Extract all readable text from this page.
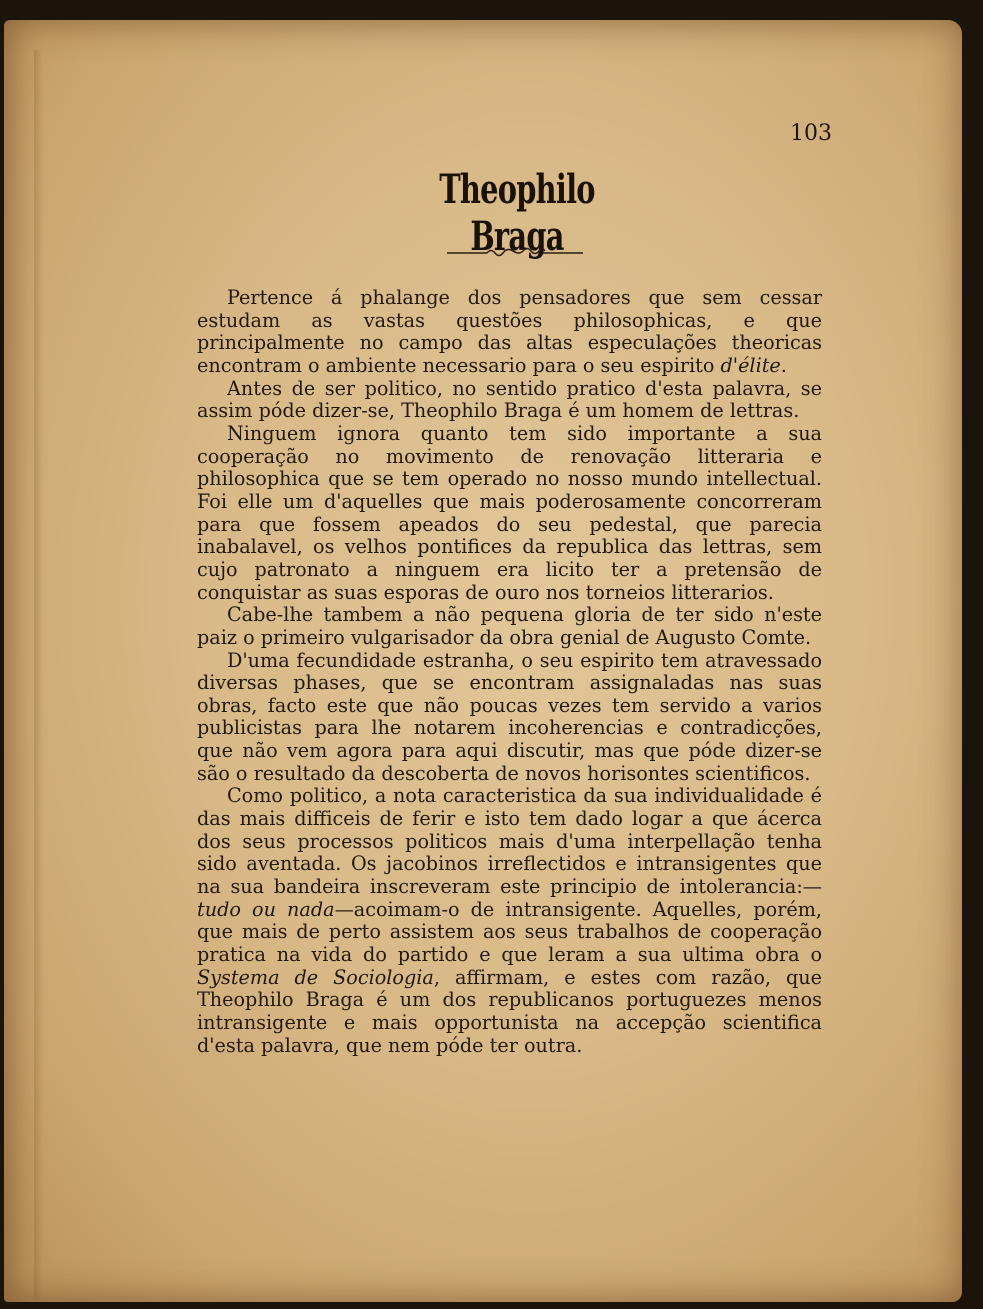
103
Theophilo Braga

Pertence á phalange dos pensadores que sem cessar estudam as vastas questões philosophicas, e que principalmente no campo das altas especulações theoricas encontram o ambiente necessario para o seu espirito d'élite.

Antes de ser politico, no sentido pratico d'esta palavra, se assim póde dizer-se, Theophilo Braga é um homem de lettras.

Ninguem ignora quanto tem sido importante a sua cooperação no movimento de renovação litteraria e philosophica que se tem operado no nosso mundo intellectual. Foi elle um d'aquelles que mais poderosamente concorreram para que fossem apeados do seu pedestal, que parecia inabalavel, os velhos pontifices da republica das lettras, sem cujo patronato a ninguem era licito ter a pretensão de conquistar as suas esporas de ouro nos torneios litterarios.

Cabe-lhe tambem a não pequena gloria de ter sido n'este paiz o primeiro vulgarisador da obra genial de Augusto Comte.

D'uma fecundidade estranha, o seu espirito tem atravessado diversas phases, que se encontram assignaladas nas suas obras, facto este que não poucas vezes tem servido a varios publicistas para lhe notarem incoherencias e contradicções, que não vem agora para aqui discutir, mas que póde dizer-se são o resultado da descoberta de novos horisontes scientificos.

Como politico, a nota caracteristica da sua individualidade é das mais difficeis de ferir e isto tem dado logar a que ácerca dos seus processos politicos mais d'uma interpellação tenha sido aventada. Os jacobinos irreflectidos e intransigentes que na sua bandeira inscreveram este principio de intolerancia:—tudo ou nada—acoimam-o de intransigente. Aquelles, porém, que mais de perto assistem aos seus trabalhos de cooperação pratica na vida do partido e que leram a sua ultima obra o Systema de Sociologia, affirmam, e estes com razão, que Theophilo Braga é um dos republicanos portuguezes menos intransigente e mais opportunista na accepção scientifica d'esta palavra, que nem póde ter outra.
